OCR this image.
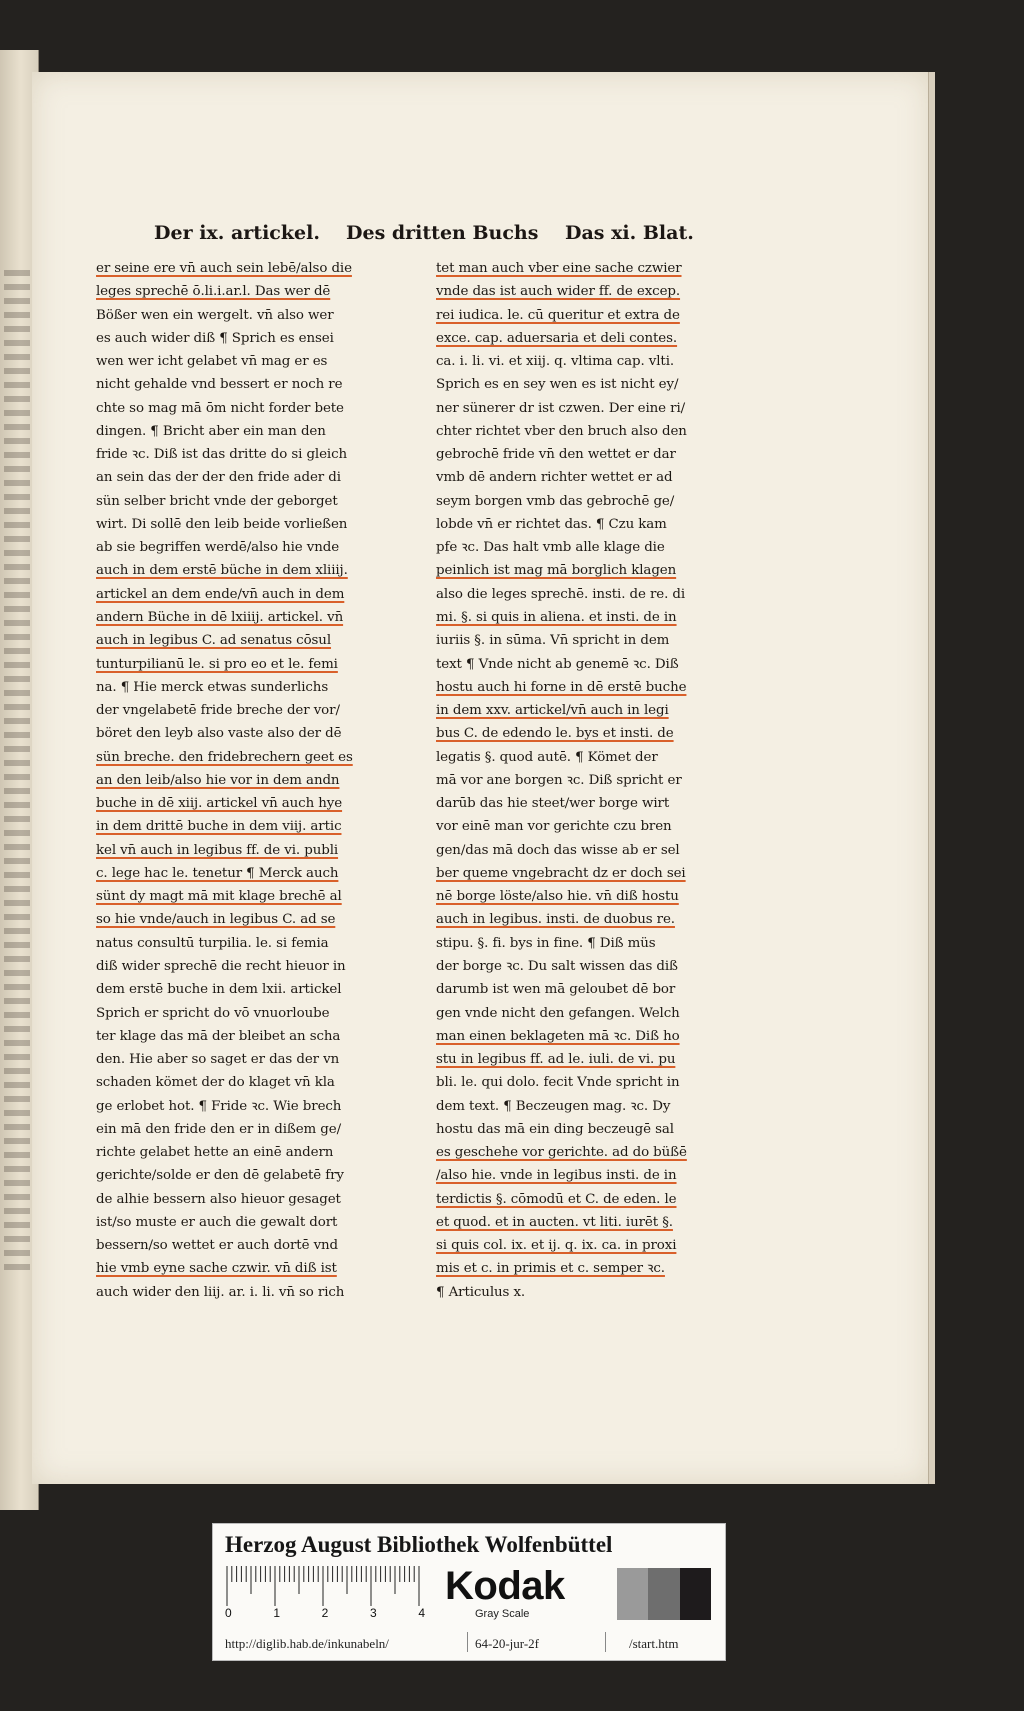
Der ix. artickel. Des dritten Buchs Das xi. Blat.
er seine ere vn̄ auch sein lebē/also die
leges sprechē ō.li.i.ar.l. Das wer dē
Bößer wen ein wergelt. vn̄ also wer
es auch wider diß ¶ Sprich es ensei
wen wer icht gelabet vn̄ mag er es
nicht gehalde vnd bessert er noch re
chte so mag mā ōm nicht forder bete
dingen. ¶ Bricht aber ein man den
fride ꝛc. Diß ist das dritte do si gleich
an sein das der der den fride ader di
sün selber bricht vnde der geborget
wirt. Di sollē den leib beide vorließen
ab sie begriffen werdē/also hie vnde
auch in dem erstē büche in dem xliiij.
artickel an dem ende/vn̄ auch in dem
andern Büche in dē lxiiij. artickel. vn̄
auch in legibus C. ad senatus cōsul
tunturpilianū le. si pro eo et le. femi
na. ¶ Hie merck etwas sunderlichs
der vngelabetē fride breche der vor/
böret den leyb also vaste also der dē
sün breche. den fridebrechern geet es
an den leib/also hie vor in dem andn
buche in dē xiij. artickel vn̄ auch hye
in dem drittē buche in dem viij. artic
kel vn̄ auch in legibus ff. de vi. publi
c. lege hac le. tenetur ¶ Merck auch
sünt dy magt mā mit klage brechē al
so hie vnde/auch in legibus C. ad se
natus consultū turpilia. le. si femia
diß wider sprechē die recht hieuor in
dem erstē buche in dem lxii. artickel
Sprich er spricht do vō vnuorloube
ter klage das mā der bleibet an scha
den. Hie aber so saget er das der vn
schaden kömet der do klaget vn̄ kla
ge erlobet hot. ¶ Fride ꝛc. Wie brech
ein mā den fride den er in dißem ge/
richte gelabet hette an einē andern
gerichte/solde er den dē gelabetē fry
de alhie bessern also hieuor gesaget
ist/so muste er auch die gewalt dort
bessern/so wettet er auch dortē vnd
hie vmb eyne sache czwir. vn̄ diß ist
auch wider den liij. ar. i. li. vn̄ so rich
tet man auch vber eine sache czwier
vnde das ist auch wider ff. de excep.
rei iudica. le. cū queritur et extra de
exce. cap. aduersaria et deli contes.
ca. i. li. vi. et xiij. q. vltima cap. vlti.
Sprich es en sey wen es ist nicht ey/
ner sünerer dr ist czwen. Der eine ri/
chter richtet vber den bruch also den
gebrochē fride vn̄ den wettet er dar
vmb dē andern richter wettet er ad
seym borgen vmb das gebrochē ge/
lobde vn̄ er richtet das. ¶ Czu kam
pfe ꝛc. Das halt vmb alle klage die
peinlich ist mag mā borglich klagen
also die leges sprechē. insti. de re. di
mi. §. si quis in aliena. et insti. de in
iuriis §. in sūma. Vn̄ spricht in dem
text ¶ Vnde nicht ab genemē ꝛc. Diß
hostu auch hi forne in dē erstē buche
in dem xxv. artickel/vn̄ auch in legi
bus C. de edendo le. bys et insti. de
legatis §. quod autē. ¶ Kömet der
mā vor ane borgen ꝛc. Diß spricht er
darūb das hie steet/wer borge wirt
vor einē man vor gerichte czu bren
gen/das mā doch das wisse ab er sel
ber queme vngebracht dz er doch sei
nē borge löste/also hie. vn̄ diß hostu
auch in legibus. insti. de duobus re.
stipu. §. fi. bys in fine. ¶ Diß müs
der borge ꝛc. Du salt wissen das diß
darumb ist wen mā geloubet dē bor
gen vnde nicht den gefangen. Welch
man einen beklageten mā ꝛc. Diß ho
stu in legibus ff. ad le. iuli. de vi. pu
bli. le. qui dolo. fecit Vnde spricht in
dem text. ¶ Beczeugen mag. ꝛc. Dy
hostu das mā ein ding beczeugē sal
es geschehe vor gerichte. ad do büßē
/also hie. vnde in legibus insti. de in
terdictis §. cōmodū et C. de eden. le
et quod. et in aucten. vt liti. iurēt §.
si quis col. ix. et ij. q. ix. ca. in proxi
mis et c. in primis et c. semper ꝛc.
¶ Articulus x.
Herzog August Bibliothek Wolfenbüttel
0	1	2	3	4
Kodak
Gray Scale
http://diglib.hab.de/inkunabeln/	64-20-jur-2f	/start.htm
